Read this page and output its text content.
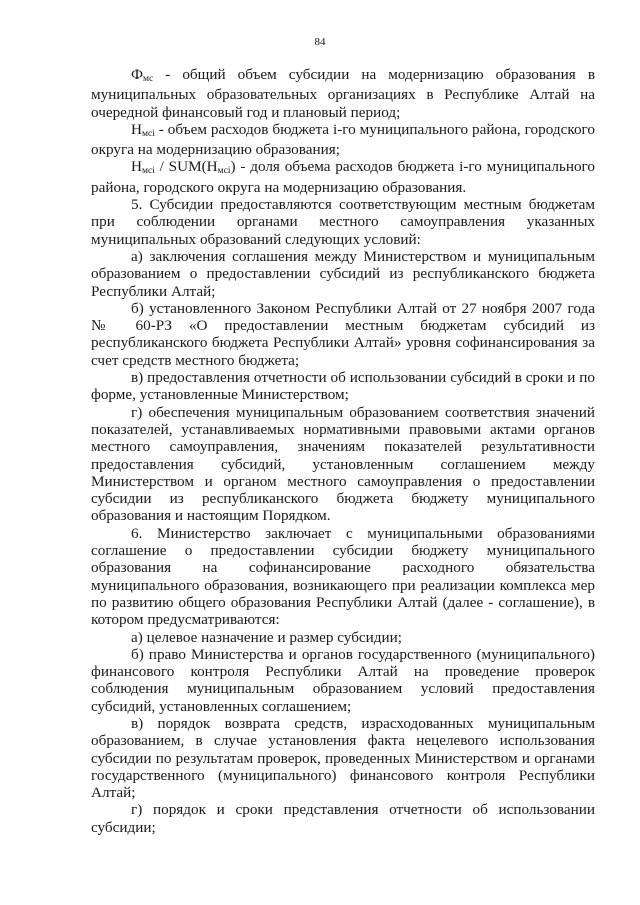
84

Фмс - общий объем субсидии на модернизацию образования в муниципальных образовательных организациях в Республике Алтай на очередной финансовый год и плановый период;

Нмсi - объем расходов бюджета i-го муниципального района, городского округа на модернизацию образования;

Нмсi / SUM(Нмсi) - доля объема расходов бюджета i-го муниципального района, городского округа на модернизацию образования.

5. Субсидии предоставляются соответствующим местным бюджетам при соблюдении органами местного самоуправления указанных муниципальных образований следующих условий:

а) заключения соглашения между Министерством и муниципальным образованием о предоставлении субсидий из республиканского бюджета Республики Алтай;

б) установленного Законом Республики Алтай от 27 ноября 2007 года № 60-РЗ «О предоставлении местным бюджетам субсидий из республиканского бюджета Республики Алтай» уровня софинансирования за счет средств местного бюджета;

в) предоставления отчетности об использовании субсидий в сроки и по форме, установленные Министерством;

г) обеспечения муниципальным образованием соответствия значений показателей, устанавливаемых нормативными правовыми актами органов местного самоуправления, значениям показателей результативности предоставления субсидий, установленным соглашением между Министерством и органом местного самоуправления о предоставлении субсидии из республиканского бюджета бюджету муниципального образования и настоящим Порядком.

6. Министерство заключает с муниципальными образованиями соглашение о предоставлении субсидии бюджету муниципального образования на софинансирование расходного обязательства муниципального образования, возникающего при реализации комплекса мер по развитию общего образования Республики Алтай (далее - соглашение), в котором предусматриваются:

а) целевое назначение и размер субсидии;

б) право Министерства и органов государственного (муниципального) финансового контроля Республики Алтай на проведение проверок соблюдения муниципальным образованием условий предоставления субсидий, установленных соглашением;

в) порядок возврата средств, израсходованных муниципальным образованием, в случае установления факта нецелевого использования субсидии по результатам проверок, проведенных Министерством и органами государственного (муниципального) финансового контроля Республики Алтай;

г) порядок и сроки представления отчетности об использовании субсидии;
